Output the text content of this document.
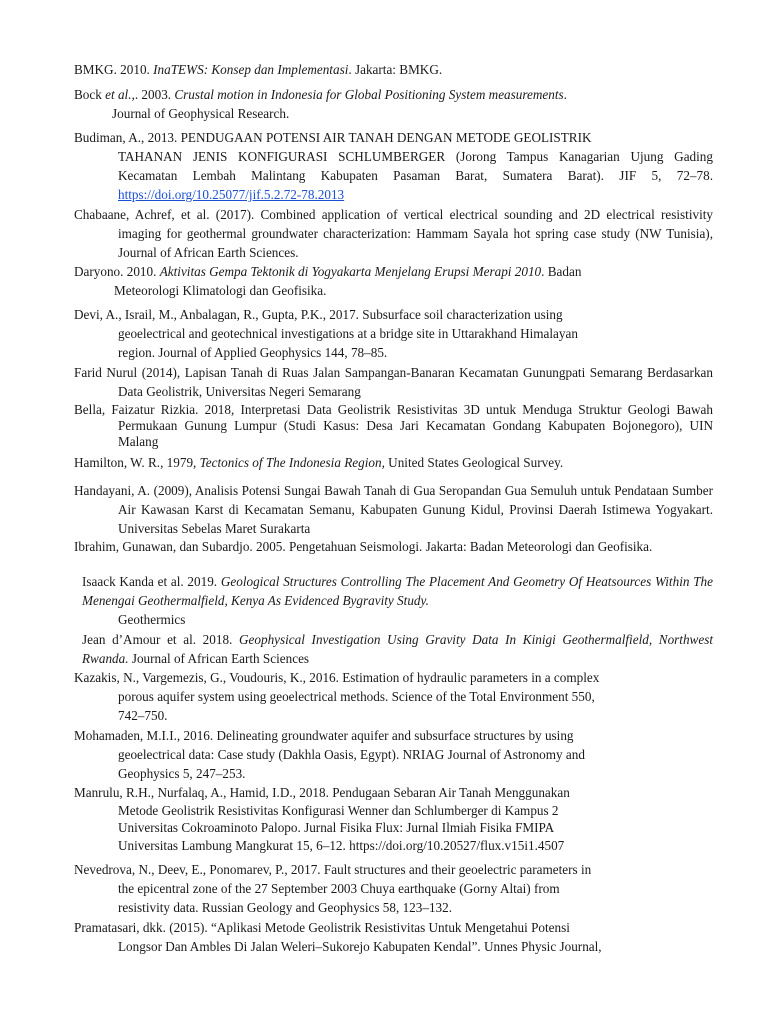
BMKG. 2010. InaTEWS: Konsep dan Implementasi. Jakarta: BMKG.

Bock et al.,. 2003. Crustal motion in Indonesia for Global Positioning System measurements.
Journal of Geophysical Research.

Budiman, A., 2013. PENDUGAAN POTENSI AIR TANAH DENGAN METODE GEOLISTRIK
TAHANAN JENIS KONFIGURASI SCHLUMBERGER (Jorong Tampus Kanagarian Ujung Gading Kecamatan Lembah Malintang Kabupaten Pasaman Barat, Sumatera Barat). JIF 5, 72–78. https://doi.org/10.25077/jif.5.2.72-78.2013

Chabaane, Achref, et al. (2017). Combined application of vertical electrical sounding and 2D electrical resistivity imaging for geothermal groundwater characterization: Hammam Sayala hot spring case study (NW Tunisia), Journal of African Earth Sciences.

Daryono. 2010. Aktivitas Gempa Tektonik di Yogyakarta Menjelang Erupsi Merapi 2010. Badan
Meteorologi Klimatologi dan Geofisika.

Devi, A., Israil, M., Anbalagan, R., Gupta, P.K., 2017. Subsurface soil characterization using
geoelectrical and geotechnical investigations at a bridge site in Uttarakhand Himalayan
region. Journal of Applied Geophysics 144, 78–85.

Farid Nurul (2014), Lapisan Tanah di Ruas Jalan Sampangan-Banaran Kecamatan Gunungpati Semarang Berdasarkan Data Geolistrik, Universitas Negeri Semarang

Bella, Faizatur Rizkia. 2018, Interpretasi Data Geolistrik Resistivitas 3D untuk Menduga Struktur Geologi Bawah Permukaan Gunung Lumpur (Studi Kasus: Desa Jari Kecamatan Gondang Kabupaten Bojonegoro), UIN Malang

Hamilton, W. R., 1979, Tectonics of The Indonesia Region, United States Geological Survey.

Handayani, A. (2009), Analisis Potensi Sungai Bawah Tanah di Gua Seropandan Gua Semuluh untuk Pendataan Sumber Air Kawasan Karst di Kecamatan Semanu, Kabupaten Gunung Kidul, Provinsi Daerah Istimewa Yogyakart. Universitas Sebelas Maret Surakarta

Ibrahim, Gunawan, dan Subardjo. 2005. Pengetahuan Seismologi. Jakarta: Badan Meteorologi dan Geofisika.

Isaack Kanda et al. 2019. Geological Structures Controlling The Placement And Geometry Of Heatsources Within The Menengai Geothermalfield, Kenya As Evidenced Bygravity Study.
Geothermics

Jean d’Amour et al. 2018. Geophysical Investigation Using Gravity Data In Kinigi Geothermalfield, Northwest Rwanda. Journal of African Earth Sciences

Kazakis, N., Vargemezis, G., Voudouris, K., 2016. Estimation of hydraulic parameters in a complex
porous aquifer system using geoelectrical methods. Science of the Total Environment 550,
742–750.

Mohamaden, M.I.I., 2016. Delineating groundwater aquifer and subsurface structures by using
geoelectrical data: Case study (Dakhla Oasis, Egypt). NRIAG Journal of Astronomy and
Geophysics 5, 247–253.

Manrulu, R.H., Nurfalaq, A., Hamid, I.D., 2018. Pendugaan Sebaran Air Tanah Menggunakan
Metode Geolistrik Resistivitas Konfigurasi Wenner dan Schlumberger di Kampus 2
Universitas Cokroaminoto Palopo. Jurnal Fisika Flux: Jurnal Ilmiah Fisika FMIPA
Universitas Lambung Mangkurat 15, 6–12. https://doi.org/10.20527/flux.v15i1.4507

Nevedrova, N., Deev, E., Ponomarev, P., 2017. Fault structures and their geoelectric parameters in
the epicentral zone of the 27 September 2003 Chuya earthquake (Gorny Altai) from
resistivity data. Russian Geology and Geophysics 58, 123–132.

Pramatasari, dkk. (2015). “Aplikasi Metode Geolistrik Resistivitas Untuk Mengetahui Potensi
Longsor Dan Ambles Di Jalan Weleri–Sukorejo Kabupaten Kendal”. Unnes Physic Journal,
